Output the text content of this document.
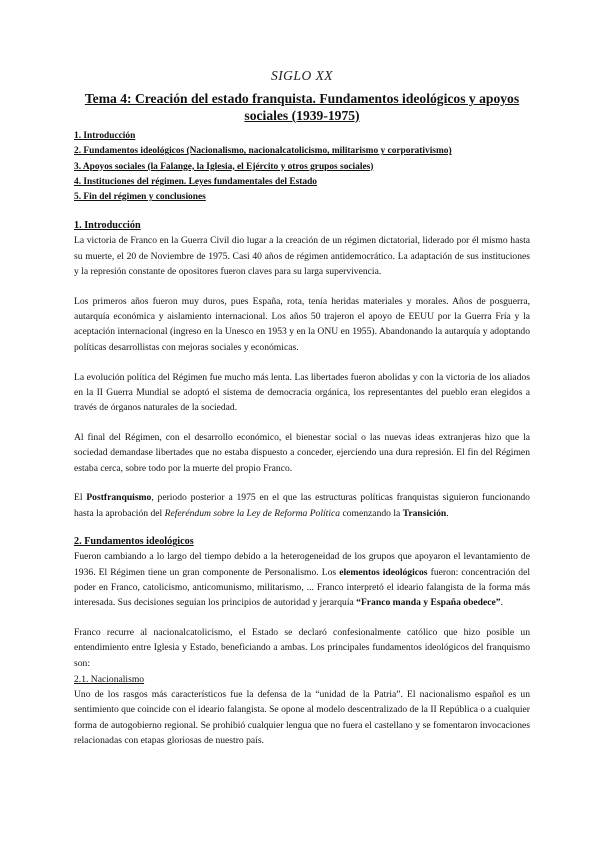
SIGLO XX
Tema 4: Creación del estado franquista. Fundamentos ideológicos y apoyos sociales (1939-1975)
1. Introducción
2. Fundamentos ideológicos (Nacionalismo, nacionalcatolicismo, militarismo y corporativismo)
3. Apoyos sociales (la Falange, la Iglesia, el Ejército y otros grupos sociales)
4. Instituciones del régimen. Leyes fundamentales del Estado
5. Fin del régimen y conclusiones
1. Introducción

La victoria de Franco en la Guerra Civil dio lugar a la creación de un régimen dictatorial, liderado por él mismo hasta su muerte, el 20 de Noviembre de 1975. Casi 40 años de régimen antidemocrático. La adaptación de sus instituciones y la represión constante de opositores fueron claves para su larga supervivencia.

Los primeros años fueron muy duros, pues España, rota, tenía heridas materiales y morales. Años de posguerra, autarquía económica y aislamiento internacional. Los años 50 trajeron el apoyo de EEUU por la Guerra Fría y la aceptación internacional (ingreso en la Unesco en 1953 y en la ONU en 1955). Abandonando la autarquía y adoptando políticas desarrollistas con mejoras sociales y económicas.

La evolución política del Régimen fue mucho más lenta. Las libertades fueron abolidas y con la victoria de los aliados en la II Guerra Mundial se adoptó el sistema de democracia orgánica, los representantes del pueblo eran elegidos a través de órganos naturales de la sociedad.

Al final del Régimen, con el desarrollo económico, el bienestar social o las nuevas ideas extranjeras hizo que la sociedad demandase libertades que no estaba dispuesto a conceder, ejerciendo una dura represión. El fin del Régimen estaba cerca, sobre todo por la muerte del propio Franco.

El Postfranquismo, periodo posterior a 1975 en el que las estructuras políticas franquistas siguieron funcionando hasta la aprobación del Referéndum sobre la Ley de Reforma Política comenzando la Transición.

2. Fundamentos ideológicos

Fueron cambiando a lo largo del tiempo debido a la heterogeneidad de los grupos que apoyaron el levantamiento de 1936. El Régimen tiene un gran componente de Personalismo. Los elementos ideológicos fueron: concentración del poder en Franco, catolicismo, anticomunismo, militarismo, ... Franco interpretó el ideario falangista de la forma más interesada. Sus decisiones seguían los principios de autoridad y jerarquía “Franco manda y España obedece”.

Franco recurre al nacionalcatolicismo, el Estado se declaró confesionalmente católico que hizo posible un entendimiento entre Iglesia y Estado, beneficiando a ambas. Los principales fundamentos ideológicos del franquismo son:

2.1. Nacionalismo

Uno de los rasgos más característicos fue la defensa de la “unidad de la Patria”. El nacionalismo español es un sentimiento que coincide con el ideario falangista. Se opone al modelo descentralizado de la II República o a cualquier forma de autogobierno regional. Se prohibió cualquier lengua que no fuera el castellano y se fomentaron invocaciones relacionadas con etapas gloriosas de nuestro país.
